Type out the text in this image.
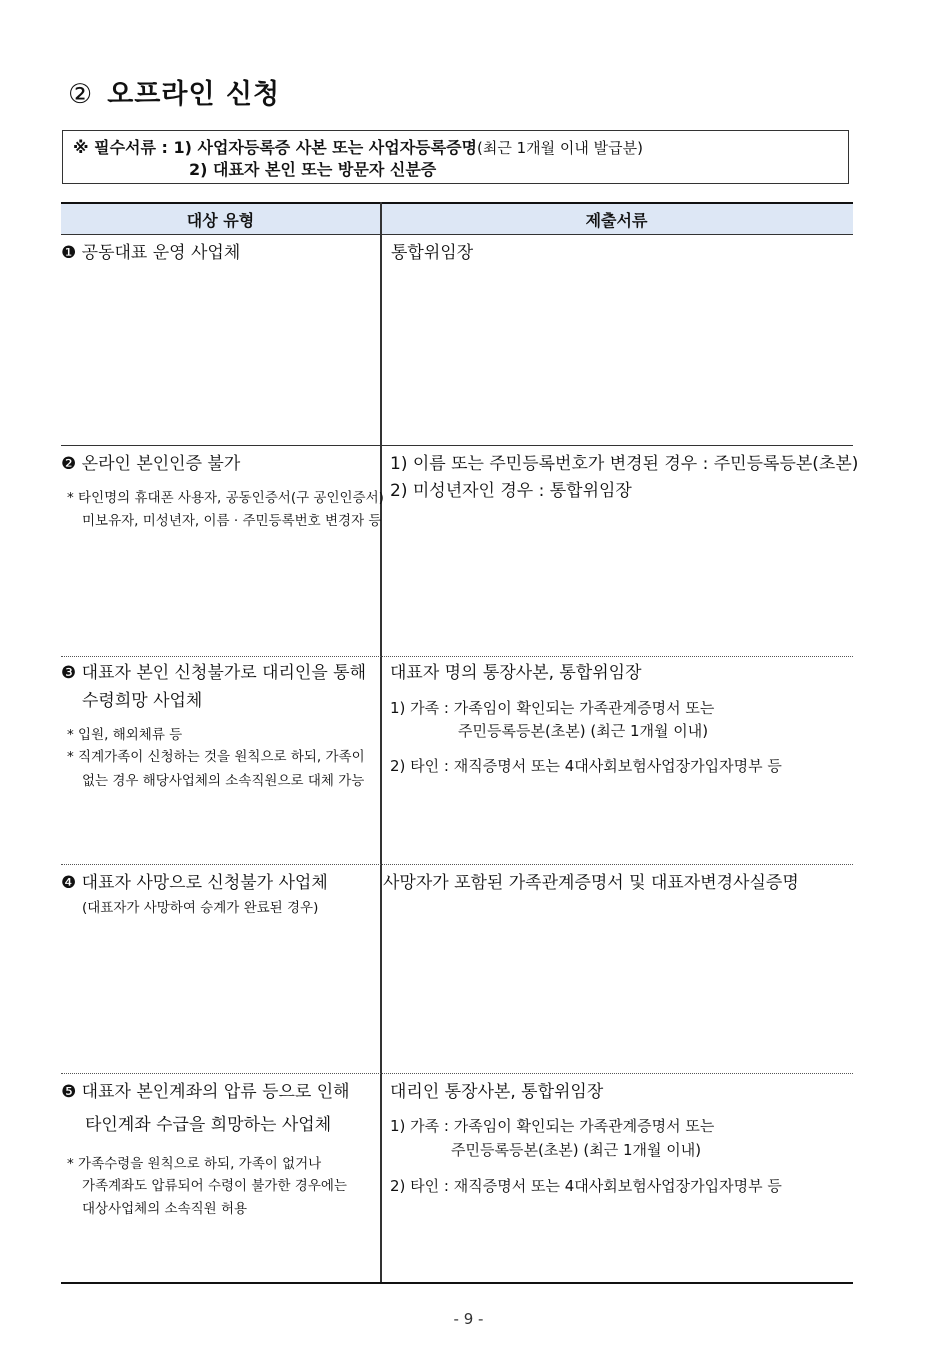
② 오프라인 신청
※ 필수서류 : 1) 사업자등록증 사본 또는 사업자등록증명(최근 1개월 이내 발급분)
2) 대표자 본인 또는 방문자 신분증
대상 유형	제출서류
❶ 공동대표 운영 사업체	통합위임장
❷ 온라인 본인인증 불가
* 타인명의 휴대폰 사용자, 공동인증서(구 공인인증서)
미보유자, 미성년자, 이름 · 주민등록번호 변경자 등
1) 이름 또는 주민등록번호가 변경된 경우 : 주민등록등본(초본)
2) 미성년자인 경우 : 통합위임장
❸ 대표자 본인 신청불가로 대리인을 통해
수령희망 사업체
* 입원, 해외체류 등
* 직계가족이 신청하는 것을 원칙으로 하되, 가족이
없는 경우 해당사업체의 소속직원으로 대체 가능
대표자 명의 통장사본, 통합위임장
1) 가족 : 가족임이 확인되는 가족관계증명서 또는
주민등록등본(초본) (최근 1개월 이내)
2) 타인 : 재직증명서 또는 4대사회보험사업장가입자명부 등
❹ 대표자 사망으로 신청불가 사업체
(대표자가 사망하여 승계가 완료된 경우)
사망자가 포함된 가족관계증명서 및 대표자변경사실증명
❺ 대표자 본인계좌의 압류 등으로 인해
타인계좌 수급을 희망하는 사업체
* 가족수령을 원칙으로 하되, 가족이 없거나
가족계좌도 압류되어 수령이 불가한 경우에는
대상사업체의 소속직원 허용
대리인 통장사본, 통합위임장
1) 가족 : 가족임이 확인되는 가족관계증명서 또는
주민등록등본(초본) (최근 1개월 이내)
2) 타인 : 재직증명서 또는 4대사회보험사업장가입자명부 등
- 9 -
